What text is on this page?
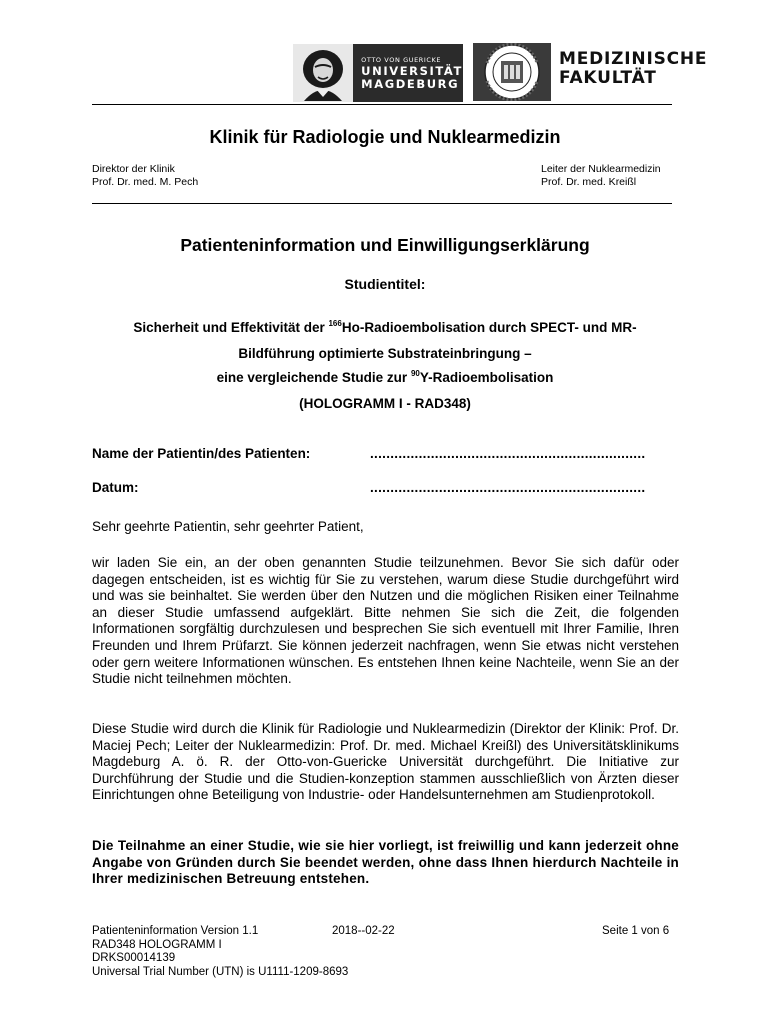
OTTO VON GUERICKE
UNIVERSITÄT
MAGDEBURG
MEDIZINISCHE
FAKULTÄT
Klinik für Radiologie und Nuklearmedizin
Direktor der Klinik
Prof. Dr. med. M. Pech
Leiter der Nuklearmedizin
Prof. Dr. med. Kreißl
Patienteninformation und Einwilligungserklärung
Studientitel:
Sicherheit und Effektivität der $^{166}$Ho-Radioembolisation durch SPECT- und MR-
Bildführung optimierte Substrateinbringung –
eine vergleichende Studie zur $^{90}$Y-Radioembolisation
(HOLOGRAMM I - RAD348)
Name der Patientin/des Patienten:	....................................................................
Datum:	....................................................................
Sehr geehrte Patientin, sehr geehrter Patient,
wir laden Sie ein, an der oben genannten Studie teilzunehmen. Bevor Sie sich dafür oder dagegen entscheiden, ist es wichtig für Sie zu verstehen, warum diese Studie durchgeführt wird und was sie beinhaltet. Sie werden über den Nutzen und die möglichen Risiken einer Teilnahme an dieser Studie umfassend aufgeklärt. Bitte nehmen Sie sich die Zeit, die folgenden Informationen sorgfältig durchzulesen und besprechen Sie sich eventuell mit Ihrer Familie, Ihren Freunden und Ihrem Prüfarzt. Sie können jederzeit nachfragen, wenn Sie etwas nicht verstehen oder gern weitere Informationen wünschen. Es entstehen Ihnen keine Nachteile, wenn Sie an der Studie nicht teilnehmen möchten.
Diese Studie wird durch die Klinik für Radiologie und Nuklearmedizin (Direktor der Klinik: Prof. Dr. Maciej Pech; Leiter der Nuklearmedizin: Prof. Dr. med. Michael Kreißl) des Universitätsklinikums Magdeburg A. ö. R. der Otto-von-Guericke Universität durchgeführt. Die Initiative zur Durchführung der Studie und die Studien-konzeption stammen ausschließlich von Ärzten dieser Einrichtungen ohne Beteiligung von Industrie- oder Handelsunternehmen am Studienprotokoll.
Die Teilnahme an einer Studie, wie sie hier vorliegt, ist freiwillig und kann jederzeit ohne Angabe von Gründen durch Sie beendet werden, ohne dass Ihnen hierdurch Nachteile in Ihrer medizinischen Betreuung entstehen.
Patienteninformation Version 1.1
RAD348 HOLOGRAMM I
DRKS00014139
Universal Trial Number (UTN) is U1111-1209-8693
2018--02-22	Seite 1 von 6
